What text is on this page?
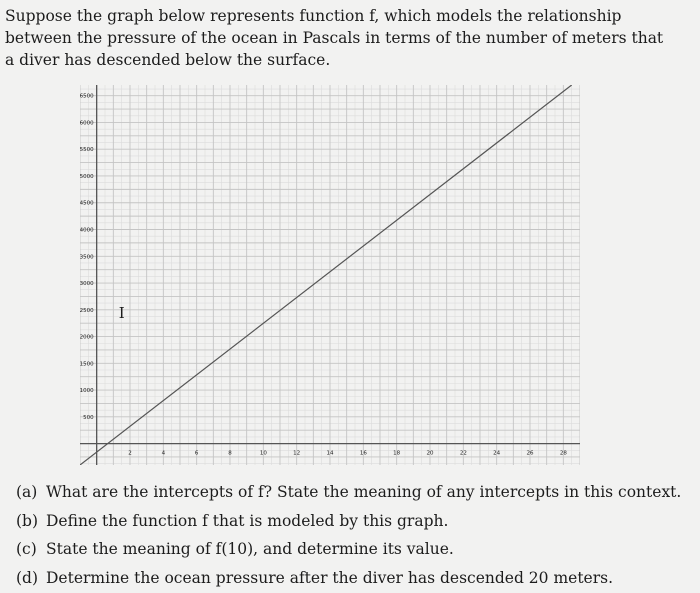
Suppose the graph below represents function f, which models the relationship between the pressure of the ocean in Pascals in terms of the number of meters that a diver has descended below the surface.

2	4	6	8	10	12	14	16	18	20	22	24	26	28
500
1000
1500
2000
2500
3000
3500
4000
4500
5000
5500
6000
6500
I
(a) What are the intercepts of f? State the meaning of any intercepts in this context.
(b) Define the function f that is modeled by this graph.
(c) State the meaning of f(10), and determine its value.
(d) Determine the ocean pressure after the diver has descended 20 meters.
